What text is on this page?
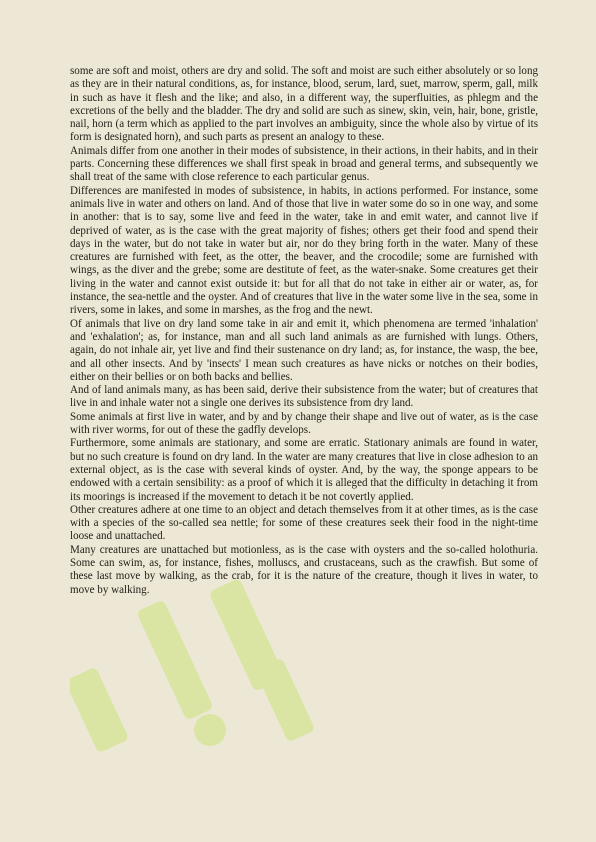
some are soft and moist, others are dry and solid. The soft and moist are such either absolutely or so long as they are in their natural conditions, as, for instance, blood, serum, lard, suet, marrow, sperm, gall, milk in such as have it flesh and the like; and also, in a different way, the superfluities, as phlegm and the excretions of the belly and the bladder. The dry and solid are such as sinew, skin, vein, hair, bone, gristle, nail, horn (a term which as applied to the part involves an ambiguity, since the whole also by virtue of its form is designated horn), and such parts as present an analogy to these.

Animals differ from one another in their modes of subsistence, in their actions, in their habits, and in their parts. Concerning these differences we shall first speak in broad and general terms, and subsequently we shall treat of the same with close reference to each particular genus.

Differences are manifested in modes of subsistence, in habits, in actions performed. For instance, some animals live in water and others on land. And of those that live in water some do so in one way, and some in another: that is to say, some live and feed in the water, take in and emit water, and cannot live if deprived of water, as is the case with the great majority of fishes; others get their food and spend their days in the water, but do not take in water but air, nor do they bring forth in the water. Many of these creatures are furnished with feet, as the otter, the beaver, and the crocodile; some are furnished with wings, as the diver and the grebe; some are destitute of feet, as the water-snake. Some creatures get their living in the water and cannot exist outside it: but for all that do not take in either air or water, as, for instance, the sea-nettle and the oyster. And of creatures that live in the water some live in the sea, some in rivers, some in lakes, and some in marshes, as the frog and the newt.

Of animals that live on dry land some take in air and emit it, which phenomena are termed 'inhalation' and 'exhalation'; as, for instance, man and all such land animals as are furnished with lungs. Others, again, do not inhale air, yet live and find their sustenance on dry land; as, for instance, the wasp, the bee, and all other insects. And by 'insects' I mean such creatures as have nicks or notches on their bodies, either on their bellies or on both backs and bellies.

And of land animals many, as has been said, derive their subsistence from the water; but of creatures that live in and inhale water not a single one derives its subsistence from dry land.

Some animals at first live in water, and by and by change their shape and live out of water, as is the case with river worms, for out of these the gadfly develops.

Furthermore, some animals are stationary, and some are erratic. Stationary animals are found in water, but no such creature is found on dry land. In the water are many creatures that live in close adhesion to an external object, as is the case with several kinds of oyster. And, by the way, the sponge appears to be endowed with a certain sensibility: as a proof of which it is alleged that the difficulty in detaching it from its moorings is increased if the movement to detach it be not covertly applied.

Other creatures adhere at one time to an object and detach themselves from it at other times, as is the case with a species of the so-called sea nettle; for some of these creatures seek their food in the night-time loose and unattached.

Many creatures are unattached but motionless, as is the case with oysters and the so-called holothuria. Some can swim, as, for instance, fishes, molluscs, and crustaceans, such as the crawfish. But some of these last move by walking, as the crab, for it is the nature of the creature, though it lives in water, to move by walking.
